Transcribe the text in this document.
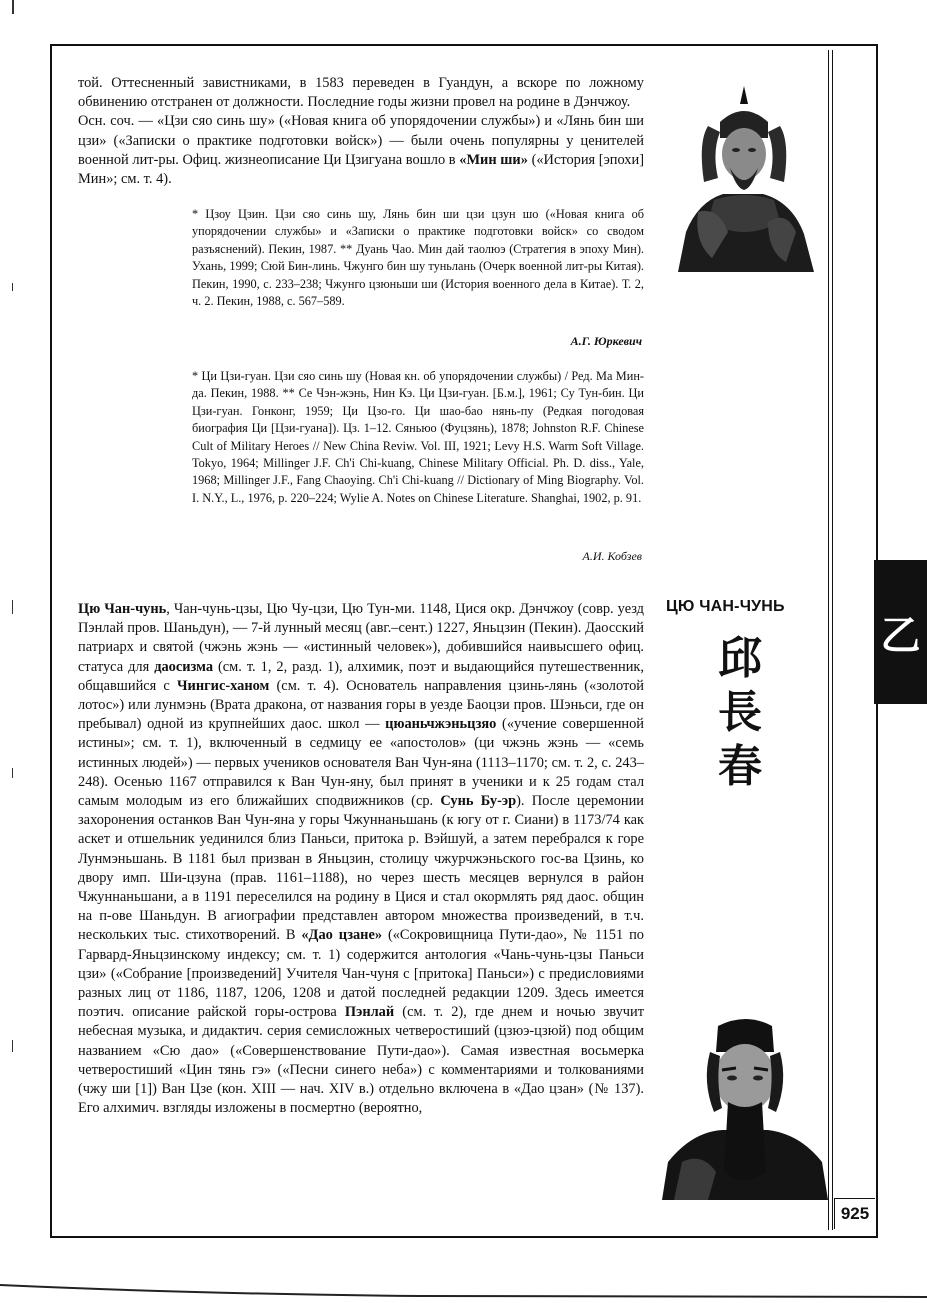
той. Оттесненный завистниками, в 1583 переведен в Гуандун, а вскоре по ложному обвинению отстранен от должности. Последние годы жизни провел на родине в Дэнчжоу.

Осн. соч. — «Цзи сяо синь шу» («Новая книга об упорядочении службы») и «Лянь бин ши цзи» («Записки о практике подготовки войск») — были очень популярны у ценителей военной лит-ры. Офиц. жизнеописание Ци Цзигуана вошло в «Мин ши» («История [эпохи] Мин»; см. т. 4).

* Цзоу Цзин. Цзи сяо синь шу, Лянь бин ши цзи цзун шо («Новая книга об упорядочении службы» и «Записки о практике подготовки войск» со сводом разъяснений). Пекин, 1987. ** Дуань Чао. Мин дай таолюэ (Стратегия в эпоху Мин). Ухань, 1999; Сюй Бин-линь. Чжунго бин шу туньлань (Очерк военной лит-ры Китая). Пекин, 1990, с. 233–238; Чжунго цзюньши ши (История военного дела в Китае). Т. 2, ч. 2. Пекин, 1988, с. 567–589.

А.Г. Юркевич

* Ци Цзи-гуан. Цзи сяо синь шу (Новая кн. об упорядочении службы) / Ред. Ма Мин-да. Пекин, 1988. ** Се Чэн-жэнь, Нин Кэ. Ци Цзи-гуан. [Б.м.], 1961; Су Тун-бин. Ци Цзи-гуан. Гонконг, 1959; Ци Цзо-го. Ци шао-бао нянь-пу (Редкая погодовая биография Ци [Цзи-гуана]). Цз. 1–12. Сяньюо (Фуцзянь), 1878; Johnston R.F. Chinese Cult of Military Heroes // New China Reviw. Vol. III, 1921; Levy H.S. Warm Soft Village. Tokyo, 1964; Millinger J.F. Ch'i Chi-kuang, Chinese Military Official. Ph. D. diss., Yale, 1968; Millinger J.F., Fang Chaoying. Ch'i Chi-kuang // Dictionary of Ming Biography. Vol. I. N.Y., L., 1976, p. 220–224; Wylie A. Notes on Chinese Literature. Shanghai, 1902, p. 91.

А.И. Кобзев
ЦЮ ЧАН-ЧУНЬ
邱
長
春
乙

Цю Чан-чунь, Чан-чунь-цзы, Цю Чу-цзи, Цю Тун-ми. 1148, Цися окр. Дэнчжоу (совр. уезд Пэнлай пров. Шаньдун), — 7-й лунный месяц (авг.–сент.) 1227, Яньцзин (Пекин). Даосский патриарх и святой (чжэнь жэнь — «истинный человек»), добившийся наивысшего офиц. статуса для даосизма (см. т. 1, 2, разд. 1), алхимик, поэт и выдающийся путешественник, общавшийся с Чингис-ханом (см. т. 4). Основатель направления цзинь-лянь («золотой лотос») или лунмэнь (Врата дракона, от названия горы в уезде Баоцзи пров. Шэньси, где он пребывал) одной из крупнейших даос. школ — цюаньчжэньцзяо («учение совершенной истины»; см. т. 1), включенный в седмицу ее «апостолов» (ци чжэнь жэнь — «семь истинных людей») — первых учеников основателя Ван Чун-яна (1113–1170; см. т. 2, с. 243–248). Осенью 1167 отправился к Ван Чун-яну, был принят в ученики и к 25 годам стал самым молодым из его ближайших сподвижников (ср. Сунь Бу-эр). После церемонии захоронения останков Ван Чун-яна у горы Чжуннаньшань (к югу от г. Сиани) в 1173/74 как аскет и отшельник уединился близ Паньси, притока р. Вэйшуй, а затем перебрался к горе Лунмэньшань. В 1181 был призван в Яньцзин, столицу чжурчжэньского гос-ва Цзинь, ко двору имп. Ши-цзуна (прав. 1161–1188), но через шесть месяцев вернулся в район Чжуннаньшани, а в 1191 переселился на родину в Цися и стал окормлять ряд даос. общин на п-ове Шаньдун. В агиографии представлен автором множества произведений, в т.ч. нескольких тыс. стихотворений. В «Дао цзане» («Сокровищница Пути-дао», № 1151 по Гарвард-Яньцзинскому индексу; см. т. 1) содержится антология «Чань-чунь-цзы Паньси цзи» («Собрание [произведений] Учителя Чан-чуня с [притока] Паньси») с предисловиями разных лиц от 1186, 1187, 1206, 1208 и датой последней редакции 1209. Здесь имеется поэтич. описание райской горы-острова Пэнлай (см. т. 2), где днем и ночью звучит небесная музыка, и дидактич. серия семисложных четверостиший (цзюэ-цзюй) под общим названием «Сю дао» («Совершенствование Пути-дао»). Самая известная восьмерка четверостиший «Цин тянь гэ» («Песни синего неба») с комментариями и толкованиями (чжу ши [1]) Ван Цзе (кон. XIII — нач. XIV в.) отдельно включена в «Дао цзан» (№ 137). Его алхимич. взгляды изложены в посмертно (вероятно,

925
